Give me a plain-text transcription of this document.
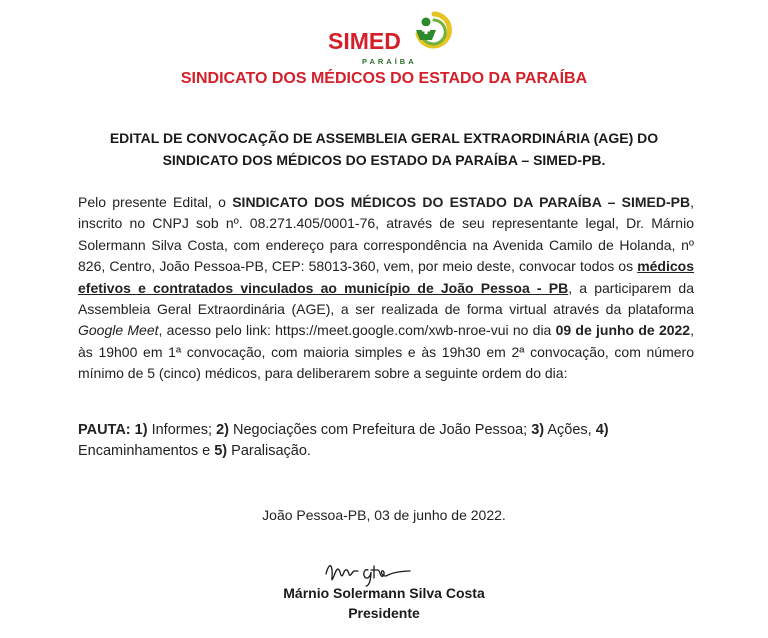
SIMED
PARAÍBA
SINDICATO DOS MÉDICOS DO ESTADO DA PARAÍBA
EDITAL DE CONVOCAÇÃO DE ASSEMBLEIA GERAL EXTRAORDINÁRIA (AGE) DO
SINDICATO DOS MÉDICOS DO ESTADO DA PARAÍBA – SIMED-PB.
Pelo presente Edital, o SINDICATO DOS MÉDICOS DO ESTADO DA PARAÍBA – SIMED-PB, inscrito no CNPJ sob nº. 08.271.405/0001-76, através de seu representante legal, Dr. Márnio Solermann Silva Costa, com endereço para correspondência na Avenida Camilo de Holanda, nº 826, Centro, João Pessoa-PB, CEP: 58013-360, vem, por meio deste, convocar todos os médicos efetivos e contratados vinculados ao município de João Pessoa - PB, a participarem da Assembleia Geral Extraordinária (AGE), a ser realizada de forma virtual através da plataforma Google Meet, acesso pelo link: https://meet.google.com/xwb-nroe-vui no dia 09 de junho de 2022, às 19h00 em 1ª convocação, com maioria simples e às 19h30 em 2ª convocação, com número mínimo de 5 (cinco) médicos, para deliberarem sobre a seguinte ordem do dia:
PAUTA: 1) Informes; 2) Negociações com Prefeitura de João Pessoa; 3) Ações, 4) Encaminhamentos e 5) Paralisação.
João Pessoa-PB, 03 de junho de 2022.
Márnio Solermann Silva Costa
Presidente
